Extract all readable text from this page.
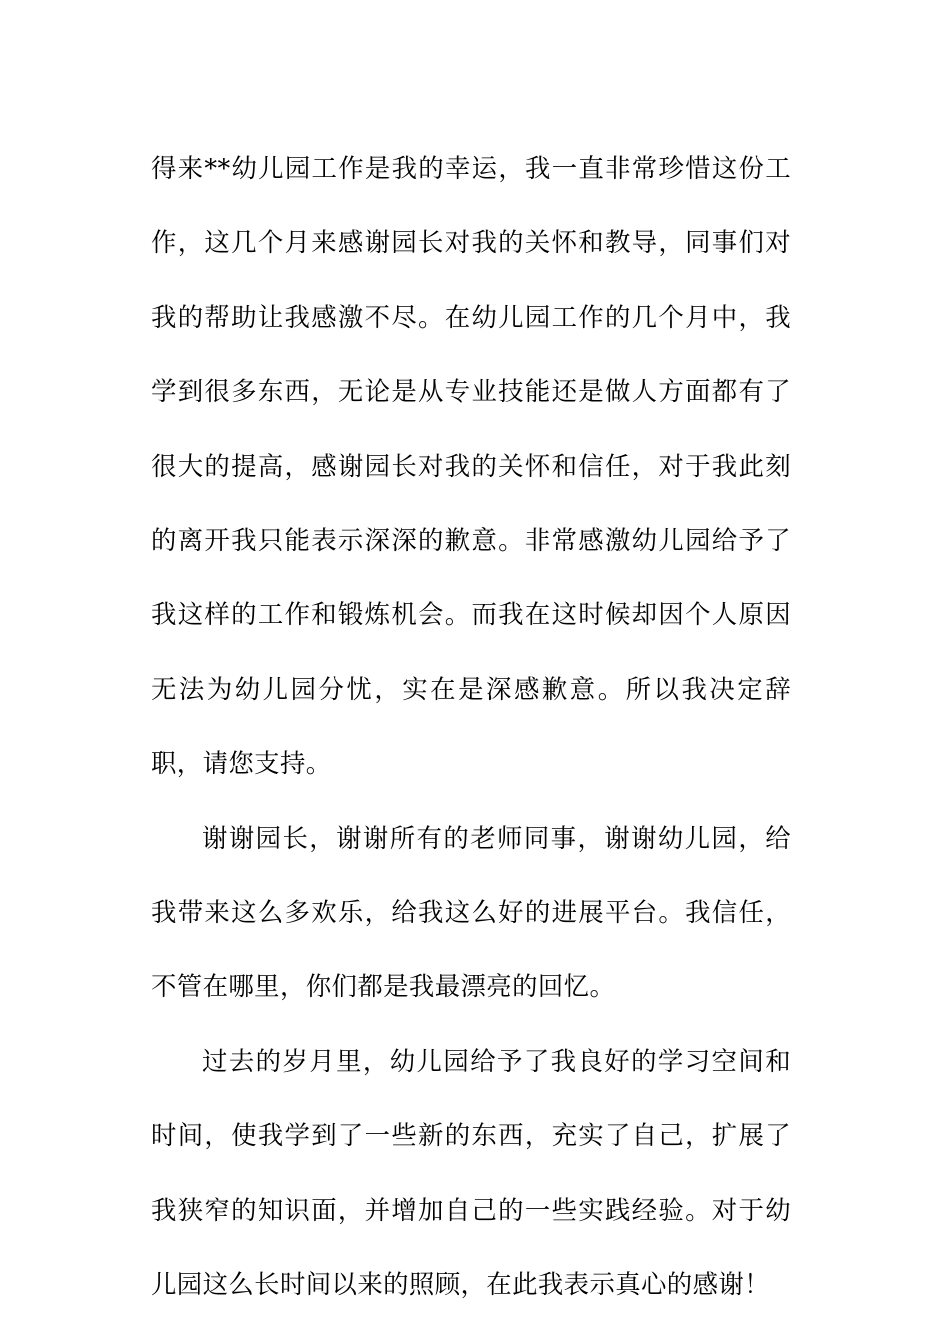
得来**幼儿园工作是我的幸运，我一直非常珍惜这份工作，这几个月来感谢园长对我的关怀和教导，同事们对我的帮助让我感激不尽。在幼儿园工作的几个月中，我学到很多东西，无论是从专业技能还是做人方面都有了很大的提高，感谢园长对我的关怀和信任，对于我此刻的离开我只能表示深深的歉意。非常感激幼儿园给予了我这样的工作和锻炼机会。而我在这时候却因个人原因无法为幼儿园分忧，实在是深感歉意。所以我决定辞职，请您支持。

谢谢园长，谢谢所有的老师同事，谢谢幼儿园，给我带来这么多欢乐，给我这么好的进展平台。我信任，不管在哪里，你们都是我最漂亮的回忆。

过去的岁月里，幼儿园给予了我良好的学习空间和时间，使我学到了一些新的东西，充实了自己，扩展了我狭窄的知识面，并增加自己的一些实践经验。对于幼儿园这么长时间以来的照顾，在此我表示真心的感谢！
